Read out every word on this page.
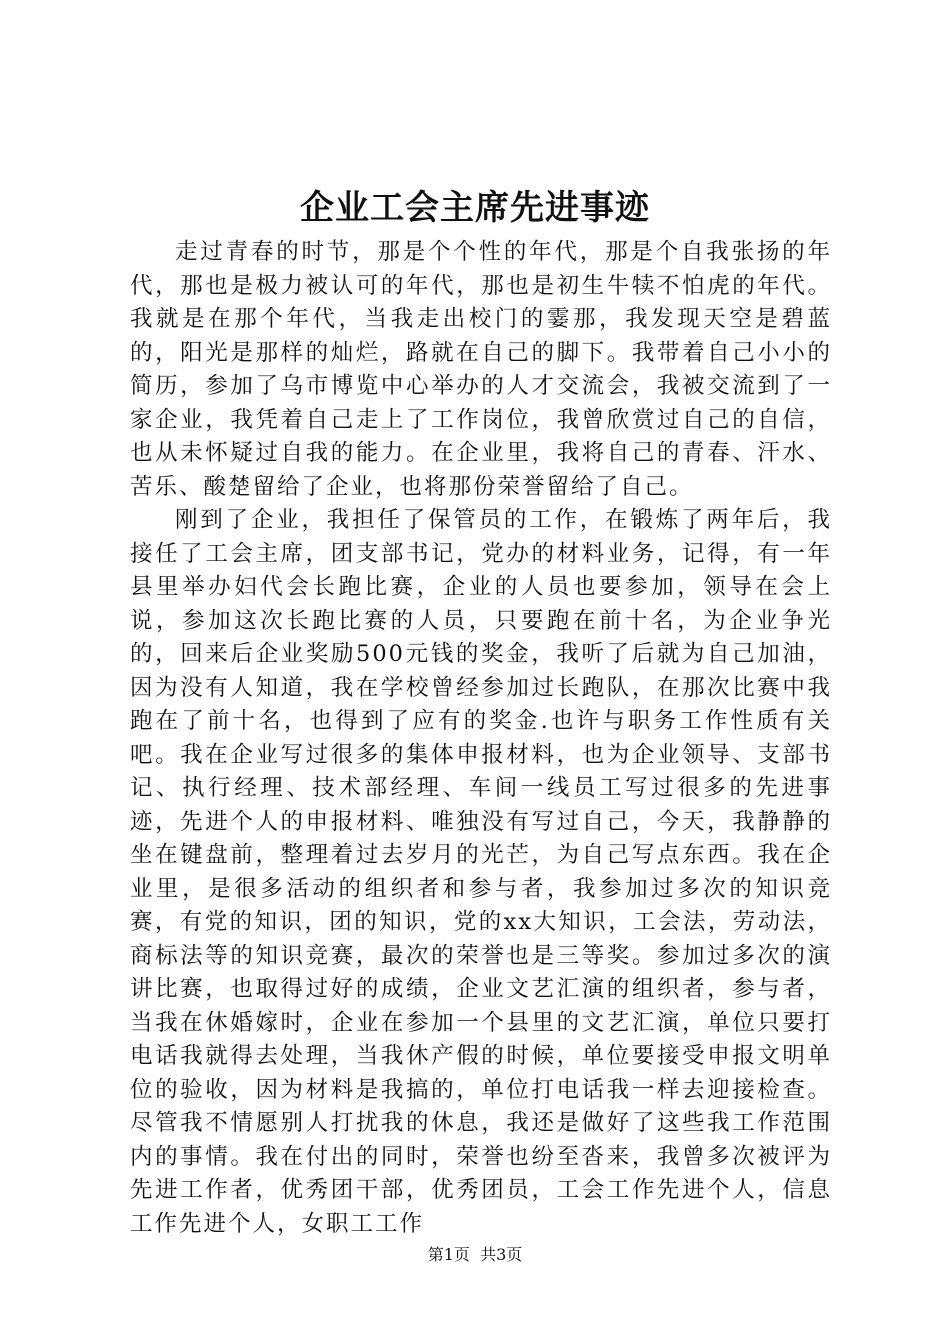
企业工会主席先进事迹

走过青春的时节，那是个个性的年代，那是个自我张扬的年代，那也是极力被认可的年代，那也是初生牛犊不怕虎的年代。我就是在那个年代，当我走出校门的霎那，我发现天空是碧蓝的，阳光是那样的灿烂，路就在自己的脚下。我带着自己小小的简历，参加了乌市博览中心举办的人才交流会，我被交流到了一家企业，我凭着自己走上了工作岗位，我曾欣赏过自己的自信，也从未怀疑过自我的能力。在企业里，我将自己的青春、汗水、苦乐、酸楚留给了企业，也将那份荣誉留给了自己。

刚到了企业，我担任了保管员的工作，在锻炼了两年后，我接任了工会主席，团支部书记，党办的材料业务，记得，有一年县里举办妇代会长跑比赛，企业的人员也要参加，领导在会上说，参加这次长跑比赛的人员，只要跑在前十名，为企业争光的，回来后企业奖励500元钱的奖金，我听了后就为自己加油，因为没有人知道，我在学校曾经参加过长跑队，在那次比赛中我跑在了前十名，也得到了应有的奖金.也许与职务工作性质有关吧。我在企业写过很多的集体申报材料，也为企业领导、支部书记、执行经理、技术部经理、车间一线员工写过很多的先进事迹，先进个人的申报材料、唯独没有写过自己，今天，我静静的坐在键盘前，整理着过去岁月的光芒，为自己写点东西。我在企业里，是很多活动的组织者和参与者，我参加过多次的知识竞赛，有党的知识，团的知识，党的xx大知识，工会法，劳动法，商标法等的知识竞赛，最次的荣誉也是三等奖。参加过多次的演讲比赛，也取得过好的成绩，企业文艺汇演的组织者，参与者，当我在休婚嫁时，企业在参加一个县里的文艺汇演，单位只要打电话我就得去处理，当我休产假的时候，单位要接受申报文明单位的验收，因为材料是我搞的，单位打电话我一样去迎接检查。尽管我不情愿别人打扰我的休息，我还是做好了这些我工作范围内的事情。我在付出的同时，荣誉也纷至沓来，我曾多次被评为先进工作者，优秀团干部，优秀团员，工会工作先进个人，信息工作先进个人，女职工工作

第1页  共3页
